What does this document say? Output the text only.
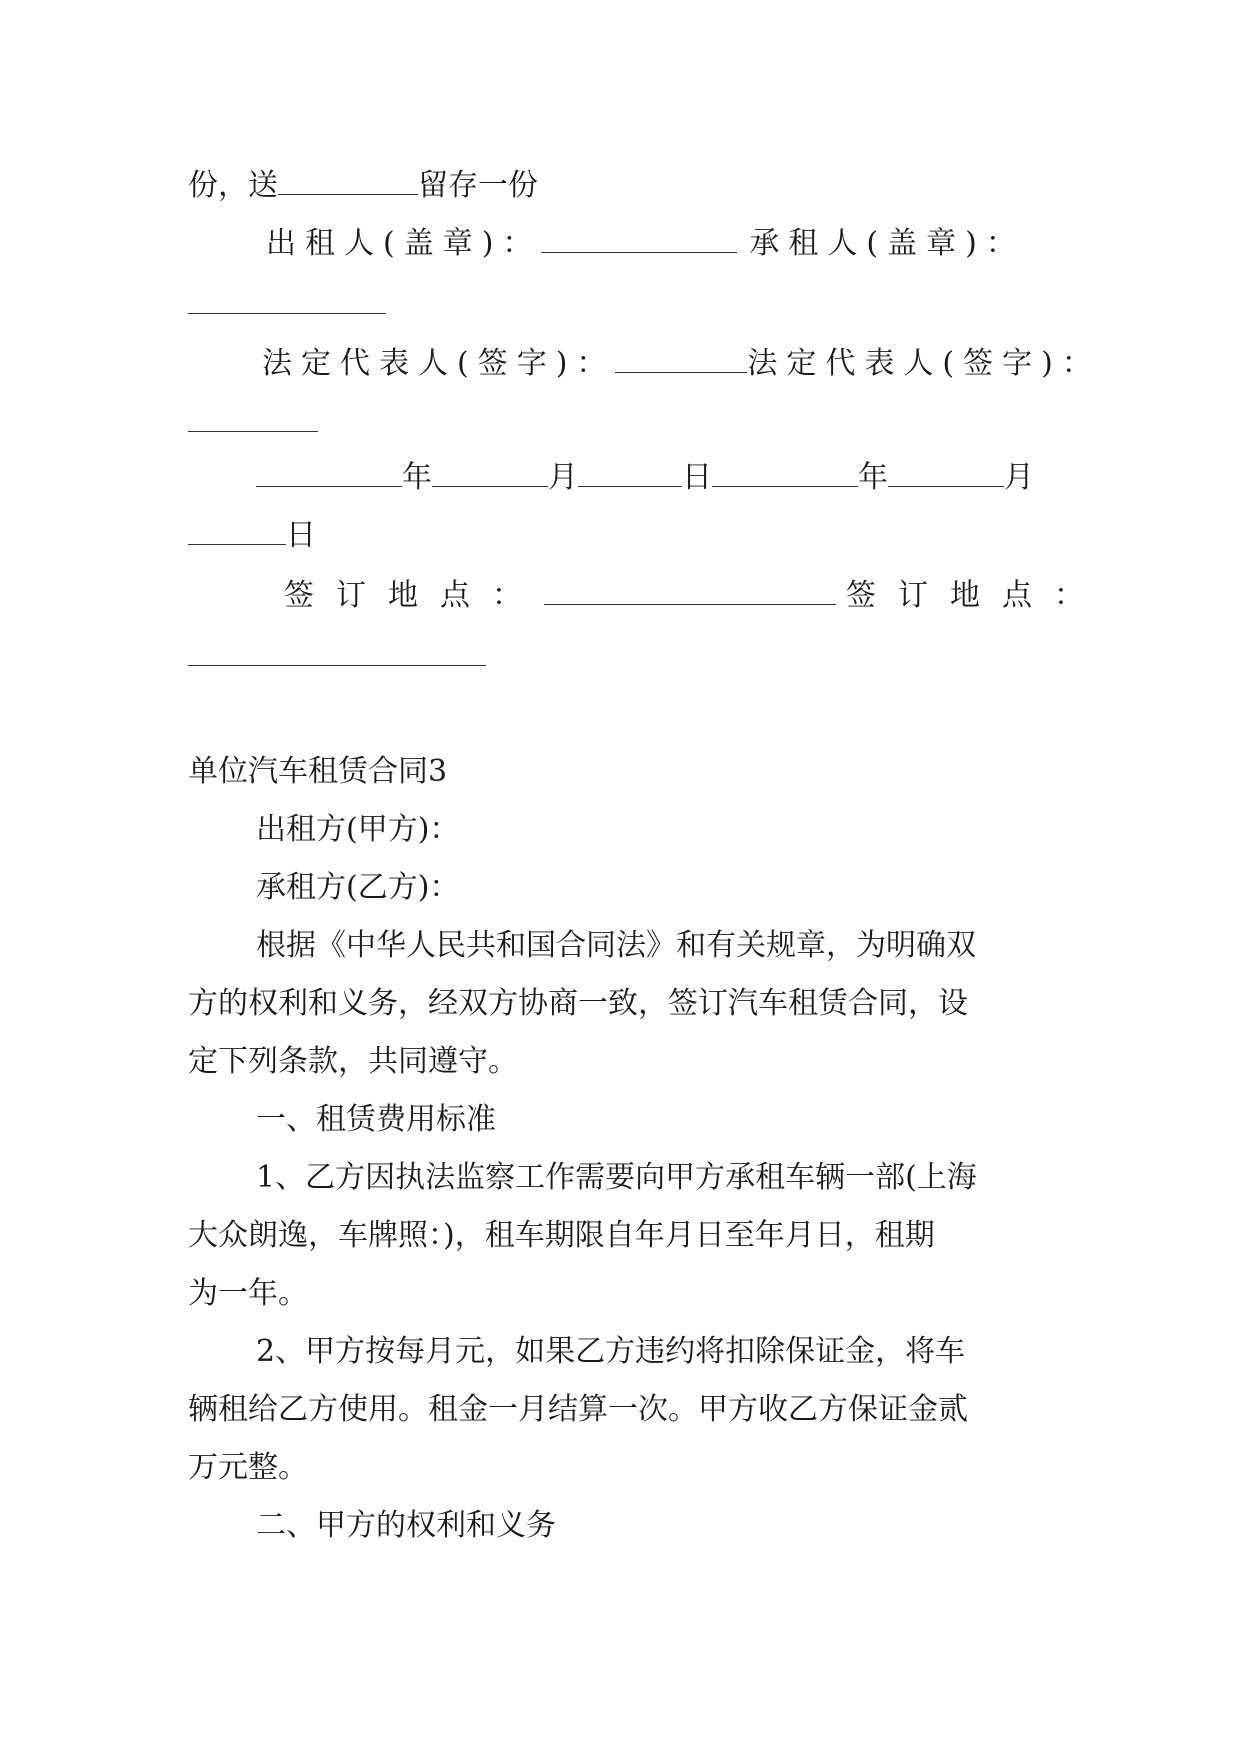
份，送	留存一份
出租人(盖章)：	承租人(盖章)：
法定代表人(签字)：	法定代表人(签字)：
年	月	日	年	月
日
签订地点：	签订地点：
单位汽车租赁合同3
出租方(甲方)：
承租方(乙方)：
根据《中华人民共和国合同法》和有关规章，为明确双
方的权利和义务，经双方协商一致，签订汽车租赁合同，设
定下列条款，共同遵守。
一、租赁费用标准
1、乙方因执法监察工作需要向甲方承租车辆一部(上海
大众朗逸，车牌照：)，租车期限自年月日至年月日，租期
为一年。
2、甲方按每月元，如果乙方违约将扣除保证金，将车
辆租给乙方使用。租金一月结算一次。甲方收乙方保证金贰
万元整。
二、甲方的权利和义务
